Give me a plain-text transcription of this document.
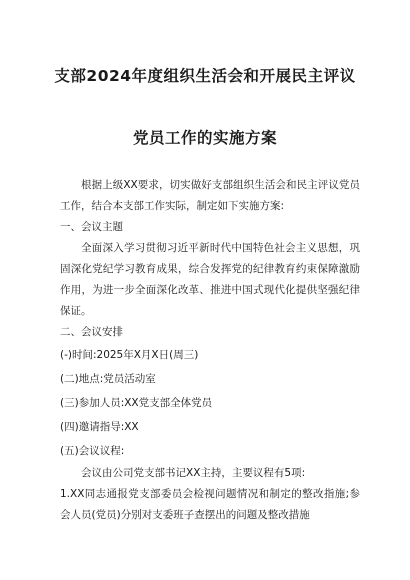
支部2024年度组织生活会和开展民主评议
党员工作的实施方案
根据上级XX要求，切实做好支部组织生活会和民主评议党员工作，结合本支部工作实际，制定如下实施方案:
一、会议主题
全面深入学习贯彻习近平新时代中国特色社会主义思想，巩固深化党纪学习教育成果，综合发挥党的纪律教育约束保障激励作用，为进一步全面深化改革、推进中国式现代化提供坚强纪律保证。
二、会议安排
(-)时间:2025年X月X日(周三)
(二)地点:党员活动室
(三)参加人员:XX党支部全体党员
(四)邀请指导:XX
(五)会议议程:
会议由公司党支部书记XX主持，主要议程有5项:
1.XX同志通报党支部委员会检视问题情况和制定的整改指施;参会人员(党员)分别对支委班子查摆出的问题及整改措施
